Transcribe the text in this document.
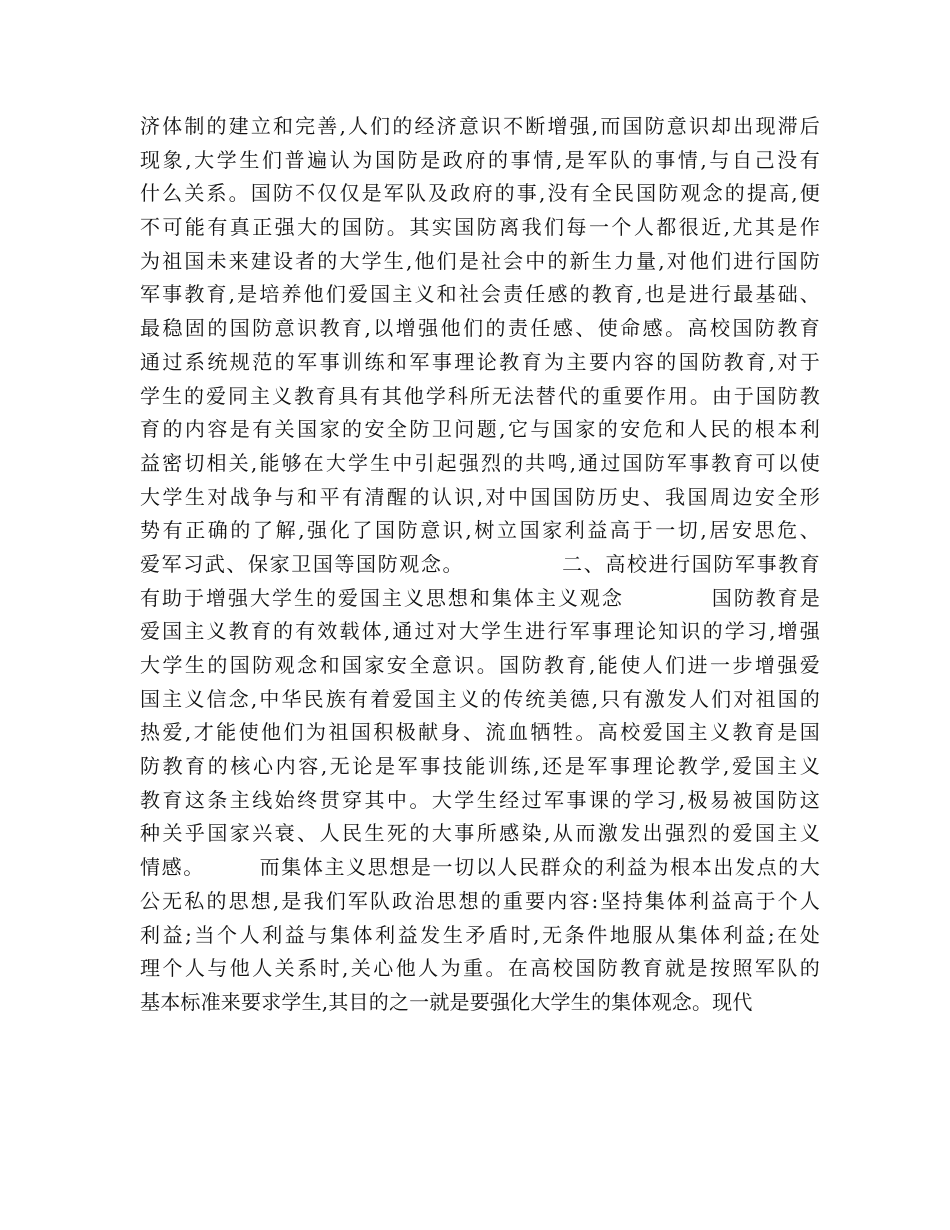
济体制的建立和完善,人们的经济意识不断增强,而国防意识却出现滞后
现象,大学生们普遍认为国防是政府的事情,是军队的事情,与自己没有
什么关系。国防不仅仅是军队及政府的事,没有全民国防观念的提高,便
不可能有真正强大的国防。其实国防离我们每一个人都很近,尤其是作
为祖国未来建设者的大学生,他们是社会中的新生力量,对他们进行国防
军事教育,是培养他们爱国主义和社会责任感的教育,也是进行最基础、
最稳固的国防意识教育,以增强他们的责任感、使命感。高校国防教育
通过系统规范的军事训练和军事理论教育为主要内容的国防教育,对于
学生的爱同主义教育具有其他学科所无法替代的重要作用。由于国防教
育的内容是有关国家的安全防卫问题,它与国家的安危和人民的根本利
益密切相关,能够在大学生中引起强烈的共鸣,通过国防军事教育可以使
大学生对战争与和平有清醒的认识,对中国国防历史、我国周边安全形
势有正确的了解,强化了国防意识,树立国家利益高于一切,居安思危、
爱军习武、保家卫国等国防观念。　　　　　二、高校进行国防军事教育
有助于增强大学生的爱国主义思想和集体主义观念　　　　国防教育是
爱国主义教育的有效载体,通过对大学生进行军事理论知识的学习,增强
大学生的国防观念和国家安全意识。国防教育,能使人们进一步增强爱
国主义信念,中华民族有着爱国主义的传统美德,只有激发人们对祖国的
热爱,才能使他们为祖国积极献身、流血牺牲。高校爱国主义教育是国
防教育的核心内容,无论是军事技能训练,还是军事理论教学,爱国主义
教育这条主线始终贯穿其中。大学生经过军事课的学习,极易被国防这
种关乎国家兴衰、人民生死的大事所感染,从而激发出强烈的爱国主义
情感。　　　而集体主义思想是一切以人民群众的利益为根本出发点的大
公无私的思想,是我们军队政治思想的重要内容:坚持集体利益高于个人
利益;当个人利益与集体利益发生矛盾时,无条件地服从集体利益;在处
理个人与他人关系时,关心他人为重。在高校国防教育就是按照军队的
基本标准来要求学生,其目的之一就是要强化大学生的集体观念。现代
